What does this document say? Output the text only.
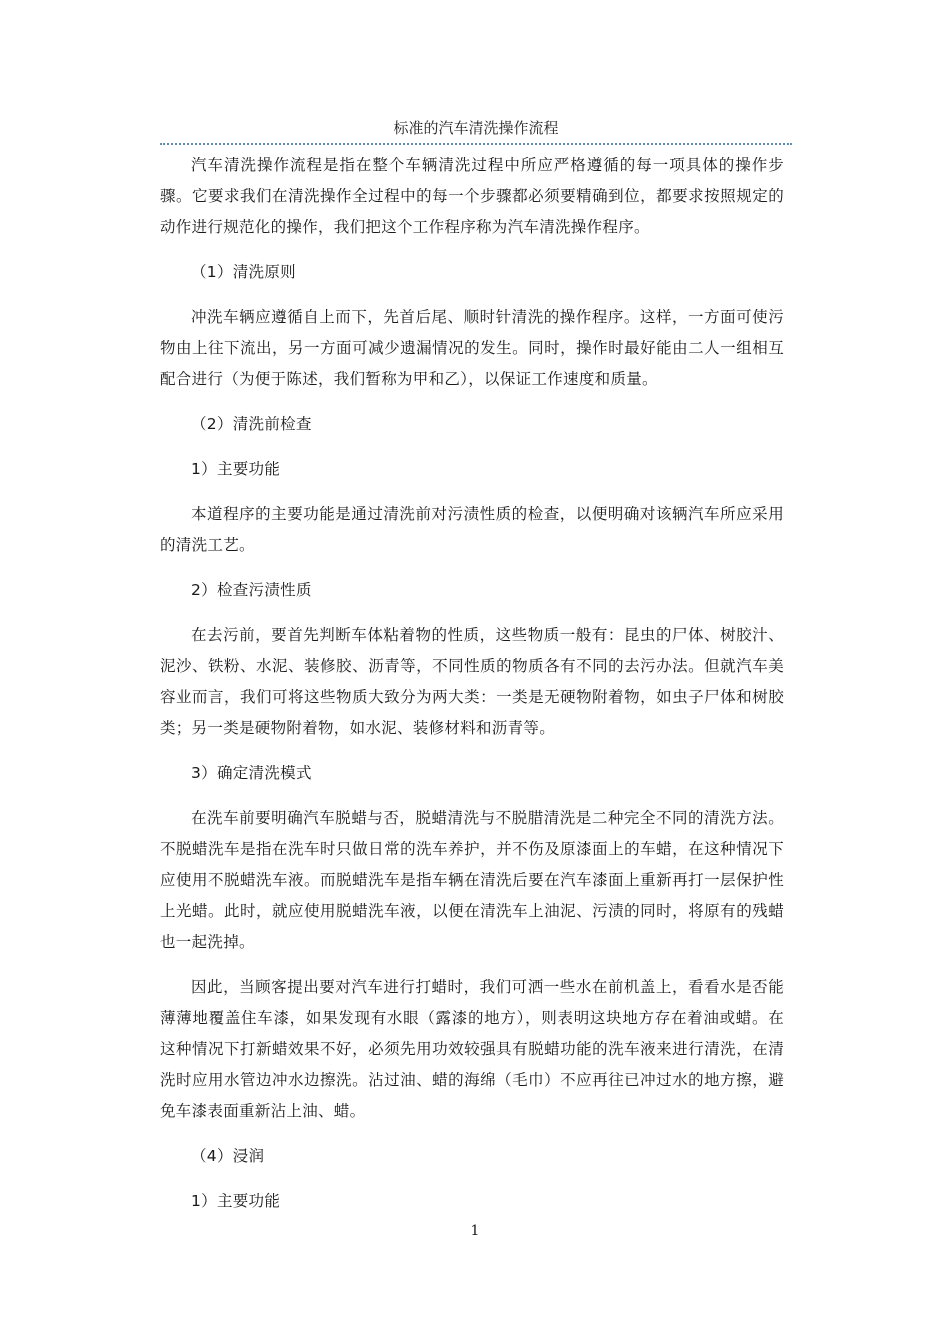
标准的汽车清洗操作流程

汽车清洗操作流程是指在整个车辆清洗过程中所应严格遵循的每一项具体的操作步骤。它要求我们在清洗操作全过程中的每一个步骤都必须要精确到位，都要求按照规定的动作进行规范化的操作，我们把这个工作程序称为汽车清洗操作程序。

（1）清洗原则

冲洗车辆应遵循自上而下，先首后尾、顺时针清洗的操作程序。这样，一方面可使污物由上往下流出，另一方面可减少遗漏情况的发生。同时，操作时最好能由二人一组相互配合进行（为便于陈述，我们暂称为甲和乙），以保证工作速度和质量。

（2）清洗前检查

1）主要功能

本道程序的主要功能是通过清洗前对污渍性质的检查，以便明确对该辆汽车所应采用的清洗工艺。

2）检查污渍性质

在去污前，要首先判断车体粘着物的性质，这些物质一般有：昆虫的尸体、树胶汁、泥沙、铁粉、水泥、装修胶、沥青等，不同性质的物质各有不同的去污办法。但就汽车美容业而言，我们可将这些物质大致分为两大类：一类是无硬物附着物，如虫子尸体和树胶类；另一类是硬物附着物，如水泥、装修材料和沥青等。

3）确定清洗模式

在洗车前要明确汽车脱蜡与否，脱蜡清洗与不脱腊清洗是二种完全不同的清洗方法。不脱蜡洗车是指在洗车时只做日常的洗车养护，并不伤及原漆面上的车蜡，在这种情况下应使用不脱蜡洗车液。而脱蜡洗车是指车辆在清洗后要在汽车漆面上重新再打一层保护性上光蜡。此时，就应使用脱蜡洗车液，以便在清洗车上油泥、污渍的同时，将原有的残蜡也一起洗掉。

因此，当顾客提出要对汽车进行打蜡时，我们可洒一些水在前机盖上，看看水是否能薄薄地覆盖住车漆，如果发现有水眼（露漆的地方），则表明这块地方存在着油或蜡。在这种情况下打新蜡效果不好，必须先用功效较强具有脱蜡功能的洗车液来进行清洗，在清洗时应用水管边冲水边擦洗。沾过油、蜡的海绵（毛巾）不应再往已冲过水的地方擦，避免车漆表面重新沾上油、蜡。

（4）浸润

1）主要功能

1
